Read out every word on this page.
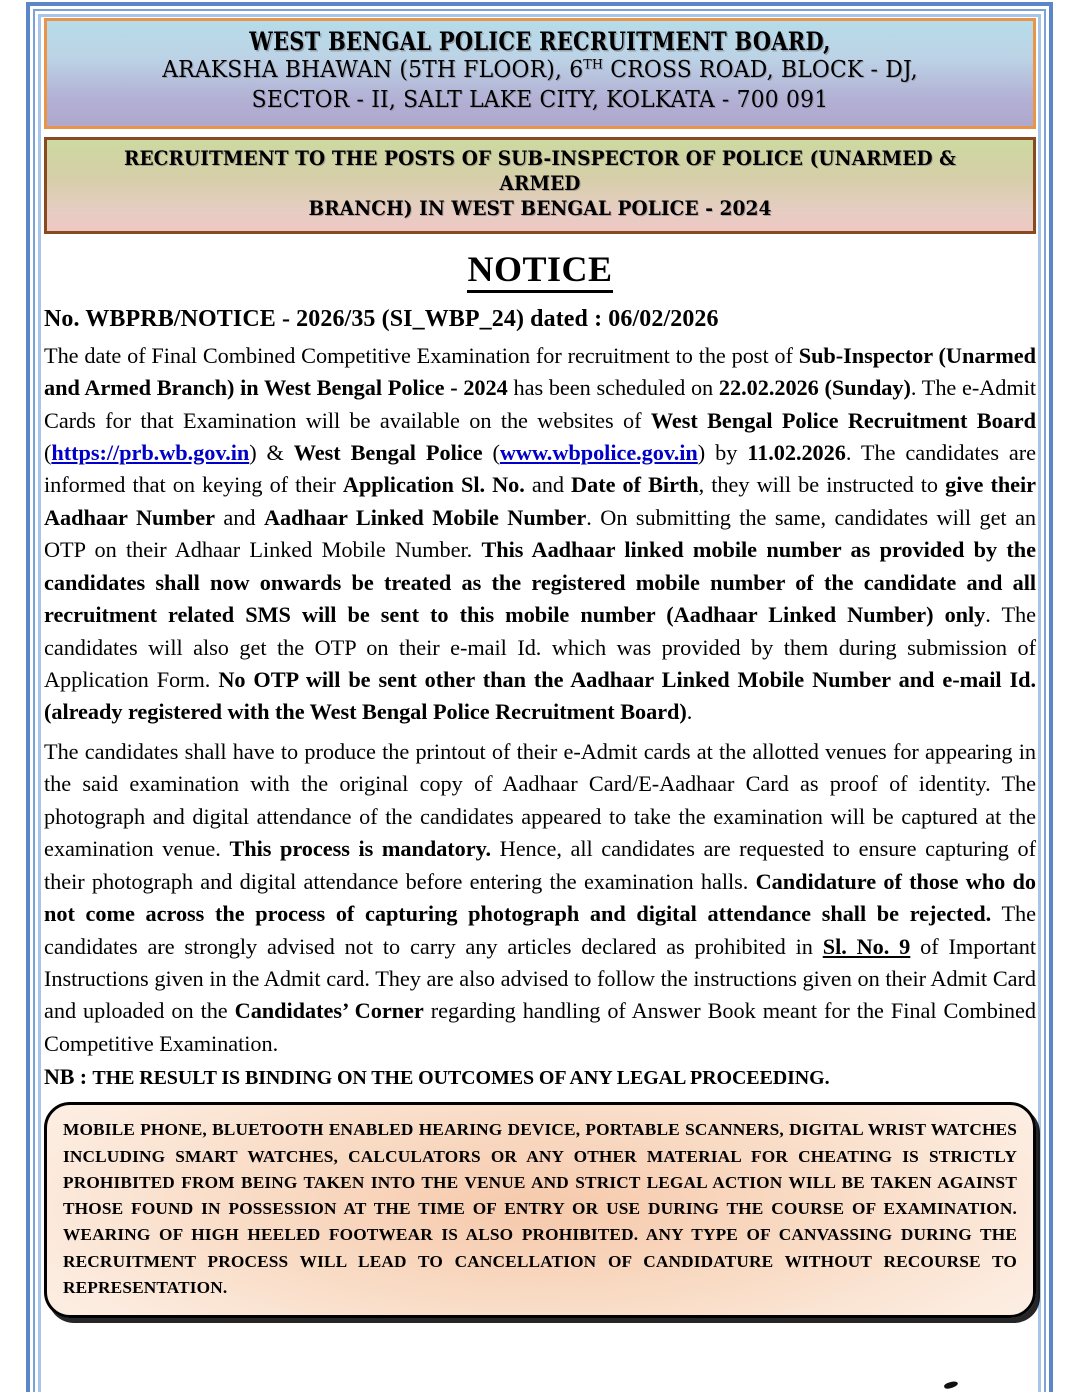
WEST BENGAL POLICE RECRUITMENT BOARD,
ARAKSHA BHAWAN (5TH FLOOR), 6TH CROSS ROAD, BLOCK - DJ,
SECTOR - II, SALT LAKE CITY, KOLKATA - 700 091
RECRUITMENT TO THE POSTS OF SUB-INSPECTOR OF POLICE (UNARMED & ARMED
BRANCH) IN WEST BENGAL POLICE - 2024
NOTICE
No. WBPRB/NOTICE - 2026/35 (SI_WBP_24) dated : 06/02/2026
The date of Final Combined Competitive Examination for recruitment to the post of Sub-Inspector (Unarmed and Armed Branch) in West Bengal Police - 2024 has been scheduled on 22.02.2026 (Sunday). The e-Admit Cards for that Examination will be available on the websites of West Bengal Police Recruitment Board (https://prb.wb.gov.in) & West Bengal Police (www.wbpolice.gov.in) by 11.02.2026. The candidates are informed that on keying of their Application Sl. No. and Date of Birth, they will be instructed to give their Aadhaar Number and Aadhaar Linked Mobile Number. On submitting the same, candidates will get an OTP on their Adhaar Linked Mobile Number. This Aadhaar linked mobile number as provided by the candidates shall now onwards be treated as the registered mobile number of the candidate and all recruitment related SMS will be sent to this mobile number (Aadhaar Linked Number) only. The candidates will also get the OTP on their e-mail Id. which was provided by them during submission of Application Form. No OTP will be sent other than the Aadhaar Linked Mobile Number and e-mail Id. (already registered with the West Bengal Police Recruitment Board).
The candidates shall have to produce the printout of their e-Admit cards at the allotted venues for appearing in the said examination with the original copy of Aadhaar Card/E-Aadhaar Card as proof of identity. The photograph and digital attendance of the candidates appeared to take the examination will be captured at the examination venue. This process is mandatory. Hence, all candidates are requested to ensure capturing of their photograph and digital attendance before entering the examination halls. Candidature of those who do not come across the process of capturing photograph and digital attendance shall be rejected. The candidates are strongly advised not to carry any articles declared as prohibited in Sl. No. 9 of Important Instructions given in the Admit card. They are also advised to follow the instructions given on their Admit Card and uploaded on the Candidates’ Corner regarding handling of Answer Book meant for the Final Combined Competitive Examination.
NB : THE RESULT IS BINDING ON THE OUTCOMES OF ANY LEGAL PROCEEDING.
MOBILE PHONE, BLUETOOTH ENABLED HEARING DEVICE, PORTABLE SCANNERS, DIGITAL WRIST WATCHES INCLUDING SMART WATCHES, CALCULATORS OR ANY OTHER MATERIAL FOR CHEATING IS STRICTLY PROHIBITED FROM BEING TAKEN INTO THE VENUE AND STRICT LEGAL ACTION WILL BE TAKEN AGAINST THOSE FOUND IN POSSESSION AT THE TIME OF ENTRY OR USE DURING THE COURSE OF EXAMINATION. WEARING OF HIGH HEELED FOOTWEAR IS ALSO PROHIBITED. ANY TYPE OF CANVASSING DURING THE RECRUITMENT PROCESS WILL LEAD TO CANCELLATION OF CANDIDATURE WITHOUT RECOURSE TO REPRESENTATION.
